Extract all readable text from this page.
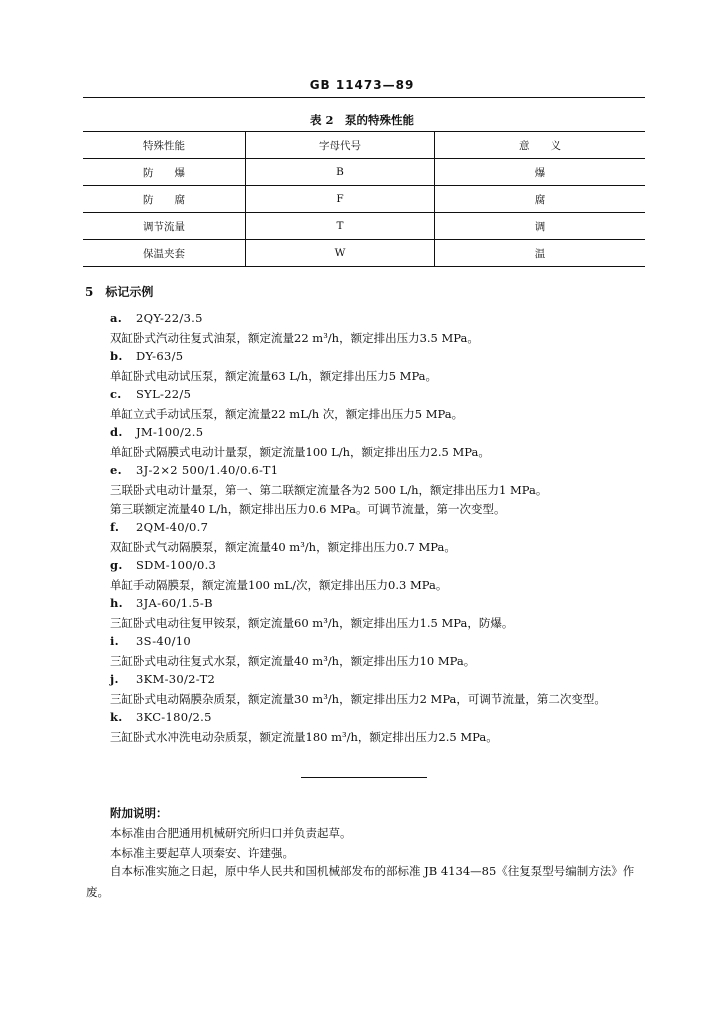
GB 11473—89
表 2　泵的特殊性能
特殊性能	字母代号	意　　义
防　　爆	B	爆
防　　腐	F	腐
调节流量	T	调
保温夹套	W	温
5　标记示例
a. 2QY-22/3.5
双缸卧式汽动往复式油泵，额定流量22 m³/h，额定排出压力3.5 MPa。
b. DY-63/5
单缸卧式电动试压泵，额定流量63 L/h，额定排出压力5 MPa。
c. SYL-22/5
单缸立式手动试压泵，额定流量22 mL/h 次，额定排出压力5 MPa。
d. JM-100/2.5
单缸卧式隔膜式电动计量泵，额定流量100 L/h，额定排出压力2.5 MPa。
e. 3J-2×2 500/1.40/0.6-T1
三联卧式电动计量泵，第一、第二联额定流量各为2 500 L/h，额定排出压力1 MPa。
第三联额定流量40 L/h，额定排出压力0.6 MPa。可调节流量，第一次变型。
f. 2QM-40/0.7
双缸卧式气动隔膜泵，额定流量40 m³/h，额定排出压力0.7 MPa。
g. SDM-100/0.3
单缸手动隔膜泵，额定流量100 mL/次，额定排出压力0.3 MPa。
h. 3JA-60/1.5-B
三缸卧式电动往复甲铵泵，额定流量60 m³/h，额定排出压力1.5 MPa，防爆。
i. 3S-40/10
三缸卧式电动往复式水泵，额定流量40 m³/h，额定排出压力10 MPa。
j. 3KM-30/2-T2
三缸卧式电动隔膜杂质泵，额定流量30 m³/h，额定排出压力2 MPa，可调节流量，第二次变型。
k. 3KC-180/2.5
三缸卧式水冲洗电动杂质泵，额定流量180 m³/h，额定排出压力2.5 MPa。
附加说明：
本标准由合肥通用机械研究所归口并负责起草。
本标准主要起草人项秦安、许建强。
自本标准实施之日起，原中华人民共和国机械部发布的部标准 JB 4134—85《往复泵型号编制方法》作废。
